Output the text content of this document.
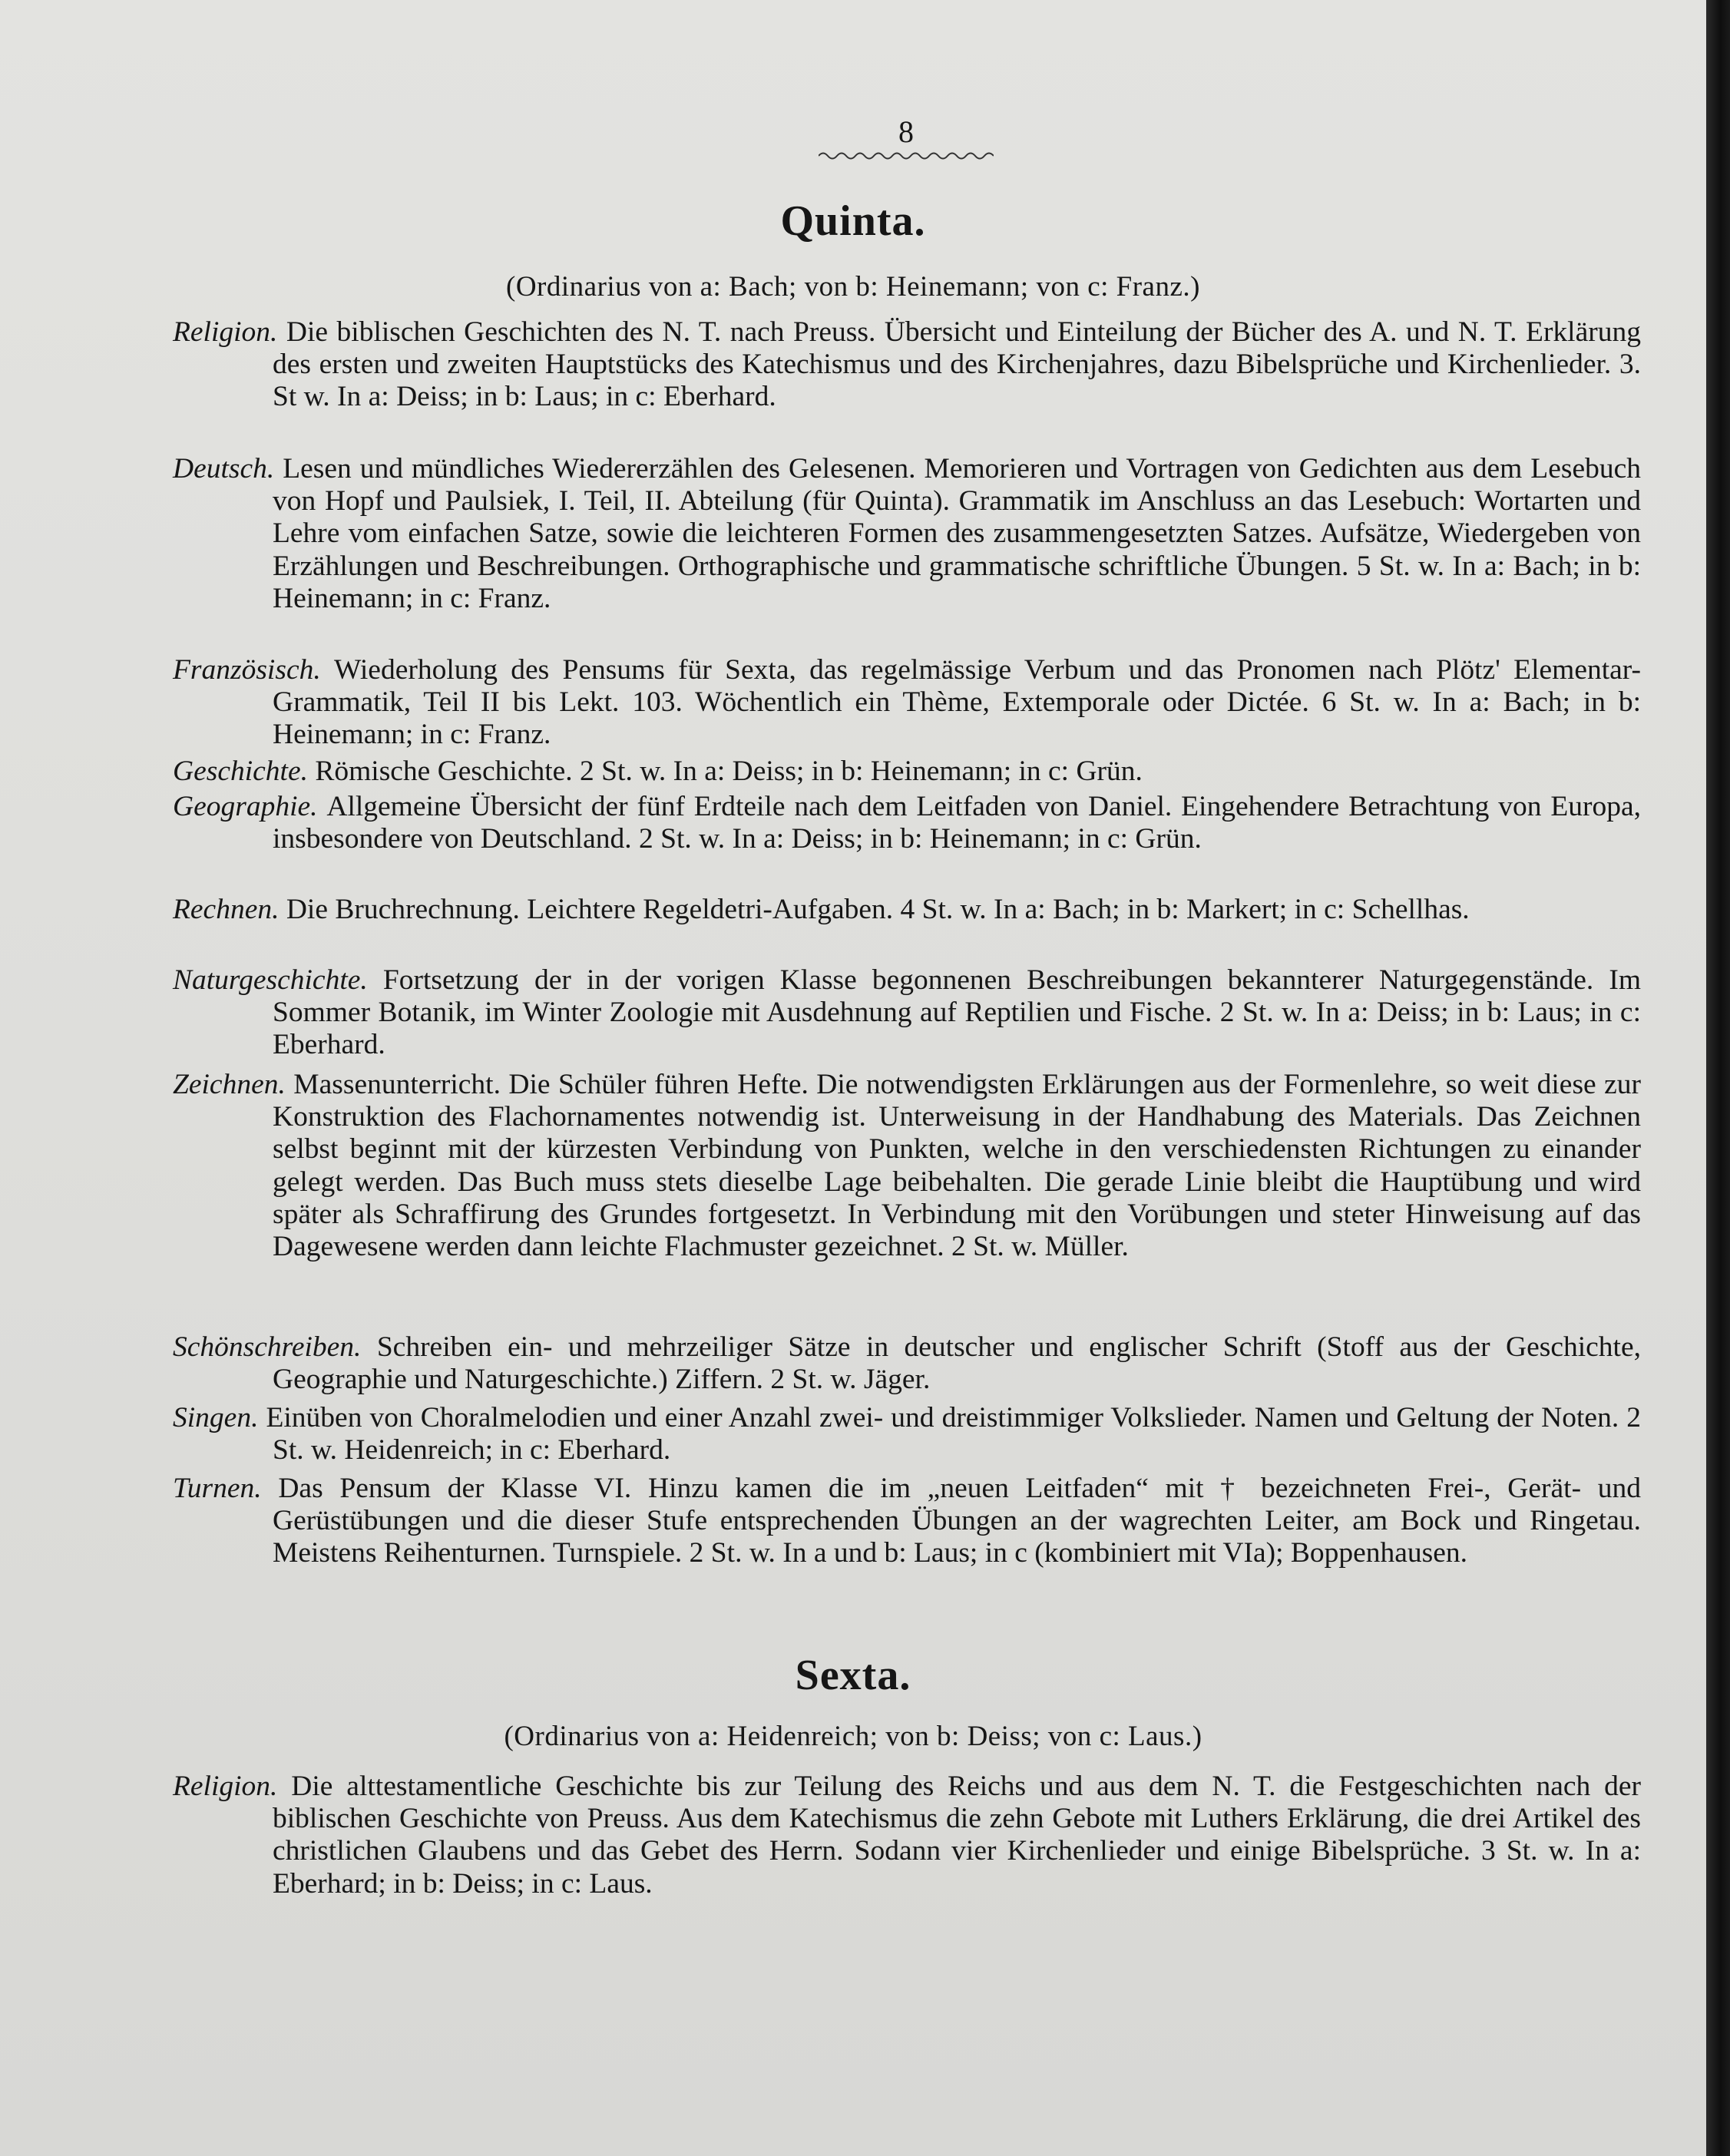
8
Quinta.
(Ordinarius von a: Bach; von b: Heinemann; von c: Franz.)
Religion. Die biblischen Geschichten des N. T. nach Preuss. Übersicht und Einteilung der Bücher des A. und N. T. Erklärung des ersten und zweiten Hauptstücks des Katechismus und des Kirchenjahres, dazu Bibelsprüche und Kirchenlieder. 3. St w. In a: Deiss; in b: Laus; in c: Eberhard.
Deutsch. Lesen und mündliches Wiedererzählen des Gelesenen. Memorieren und Vortragen von Gedichten aus dem Lesebuch von Hopf und Paulsiek, I. Teil, II. Abteilung (für Quinta). Grammatik im Anschluss an das Lesebuch: Wortarten und Lehre vom einfachen Satze, sowie die leichteren Formen des zusammengesetzten Satzes. Aufsätze, Wiedergeben von Erzählungen und Beschreibungen. Orthographische und grammatische schriftliche Übungen. 5 St. w. In a: Bach; in b: Heinemann; in c: Franz.
Französisch. Wiederholung des Pensums für Sexta, das regelmässige Verbum und das Pronomen nach Plötz' Elementar-Grammatik, Teil II bis Lekt. 103. Wöchentlich ein Thème, Extemporale oder Dictée. 6 St. w. In a: Bach; in b: Heinemann; in c: Franz.
Geschichte. Römische Geschichte. 2 St. w. In a: Deiss; in b: Heinemann; in c: Grün.
Geographie. Allgemeine Übersicht der fünf Erdteile nach dem Leitfaden von Daniel. Eingehendere Betrachtung von Europa, insbesondere von Deutschland. 2 St. w. In a: Deiss; in b: Heinemann; in c: Grün.
Rechnen. Die Bruchrechnung. Leichtere Regeldetri-Aufgaben. 4 St. w. In a: Bach; in b: Markert; in c: Schellhas.
Naturgeschichte. Fortsetzung der in der vorigen Klasse begonnenen Beschreibungen bekannterer Naturgegenstände. Im Sommer Botanik, im Winter Zoologie mit Ausdehnung auf Reptilien und Fische. 2 St. w. In a: Deiss; in b: Laus; in c: Eberhard.
Zeichnen. Massenunterricht. Die Schüler führen Hefte. Die notwendigsten Erklärungen aus der Formenlehre, so weit diese zur Konstruktion des Flachornamentes notwendig ist. Unterweisung in der Handhabung des Materials. Das Zeichnen selbst beginnt mit der kürzesten Verbindung von Punkten, welche in den verschiedensten Richtungen zu einander gelegt werden. Das Buch muss stets dieselbe Lage beibehalten. Die gerade Linie bleibt die Hauptübung und wird später als Schraffirung des Grundes fortgesetzt. In Verbindung mit den Vorübungen und steter Hinweisung auf das Dagewesene werden dann leichte Flachmuster gezeichnet. 2 St. w. Müller.
Schönschreiben. Schreiben ein- und mehrzeiliger Sätze in deutscher und englischer Schrift (Stoff aus der Geschichte, Geographie und Naturgeschichte.) Ziffern. 2 St. w. Jäger.
Singen. Einüben von Choralmelodien und einer Anzahl zwei- und dreistimmiger Volkslieder. Namen und Geltung der Noten. 2 St. w. Heidenreich; in c: Eberhard.
Turnen. Das Pensum der Klasse VI. Hinzu kamen die im „neuen Leitfaden“ mit † bezeichneten Frei-, Gerät- und Gerüstübungen und die dieser Stufe entsprechenden Übungen an der wagrechten Leiter, am Bock und Ringetau. Meistens Reihenturnen. Turnspiele. 2 St. w. In a und b: Laus; in c (kombiniert mit VIa); Boppenhausen.
Sexta.
(Ordinarius von a: Heidenreich; von b: Deiss; von c: Laus.)
Religion. Die alttestamentliche Geschichte bis zur Teilung des Reichs und aus dem N. T. die Festgeschichten nach der biblischen Geschichte von Preuss. Aus dem Katechismus die zehn Gebote mit Luthers Erklärung, die drei Artikel des christlichen Glaubens und das Gebet des Herrn. Sodann vier Kirchenlieder und einige Bibelsprüche. 3 St. w. In a: Eberhard; in b: Deiss; in c: Laus.
